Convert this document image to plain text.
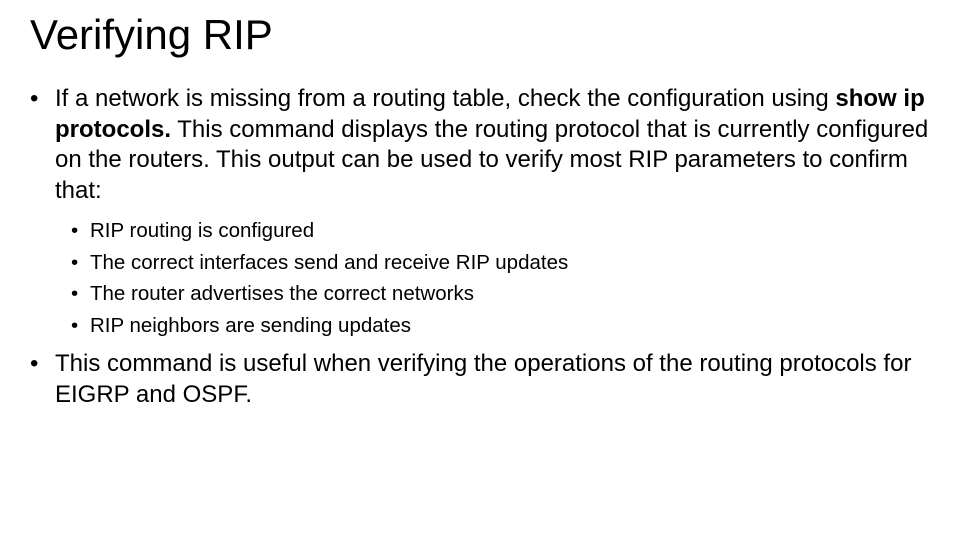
Verifying RIP
• If a network is missing from a routing table, check the configuration using show ip protocols. This command displays the routing protocol that is currently configured on the routers. This output can be used to verify most RIP parameters to confirm that:
• RIP routing is configured
• The correct interfaces send and receive RIP updates
• The router advertises the correct networks
• RIP neighbors are sending updates
• This command is useful when verifying the operations of the routing protocols for EIGRP and OSPF.
